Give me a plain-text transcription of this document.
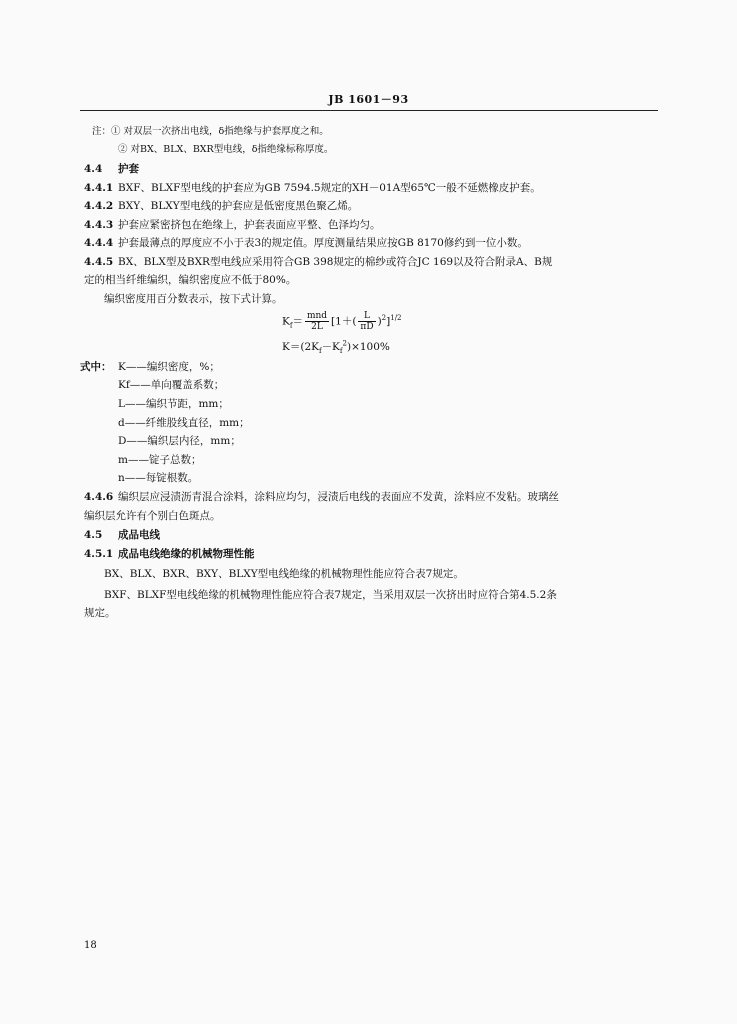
JB 1601－93
注：① 对双层一次挤出电线，δ指绝缘与护套厚度之和。
② 对BX、BLX、BXR型电线，δ指绝缘标称厚度。
4.4 护套
4.4.1 BXF、BLXF型电线的护套应为GB 7594.5规定的XH－01A型65℃一般不延燃橡皮护套。
4.4.2 BXY、BLXY型电线的护套应是低密度黑色聚乙烯。
4.4.3 护套应紧密挤包在绝缘上，护套表面应平整、色泽均匀。
4.4.4 护套最薄点的厚度应不小于表3的规定值。厚度测量结果应按GB 8170修约到一位小数。
4.4.5 BX、BLX型及BXR型电线应采用符合GB 398规定的棉纱或符合JC 169以及符合附录A、B规
定的相当纤维编织，编织密度应不低于80%。
编织密度用百分数表示，按下式计算。
$K_f= \frac{\text{mnd}}{2L} [1+( \frac{L}{\pi D} )^2]^{1/2}$
$K=(2K_f-K_f^2)\times 100\%$
式中： K——编织密度，%；
Kf——单向覆盖系数；
L——编织节距，mm；
d——纤维股线直径，mm；
D——编织层内径，mm；
m——锭子总数；
n——每锭根数。
4.4.6 编织层应浸渍沥青混合涂料，涂料应均匀，浸渍后电线的表面应不发黄，涂料应不发粘。玻璃丝
编织层允许有个别白色斑点。
4.5 成品电线
4.5.1 成品电线绝缘的机械物理性能
BX、BLX、BXR、BXY、BLXY型电线绝缘的机械物理性能应符合表7规定。
BXF、BLXF型电线绝缘的机械物理性能应符合表7规定，当采用双层一次挤出时应符合第4.5.2条
规定。
18
